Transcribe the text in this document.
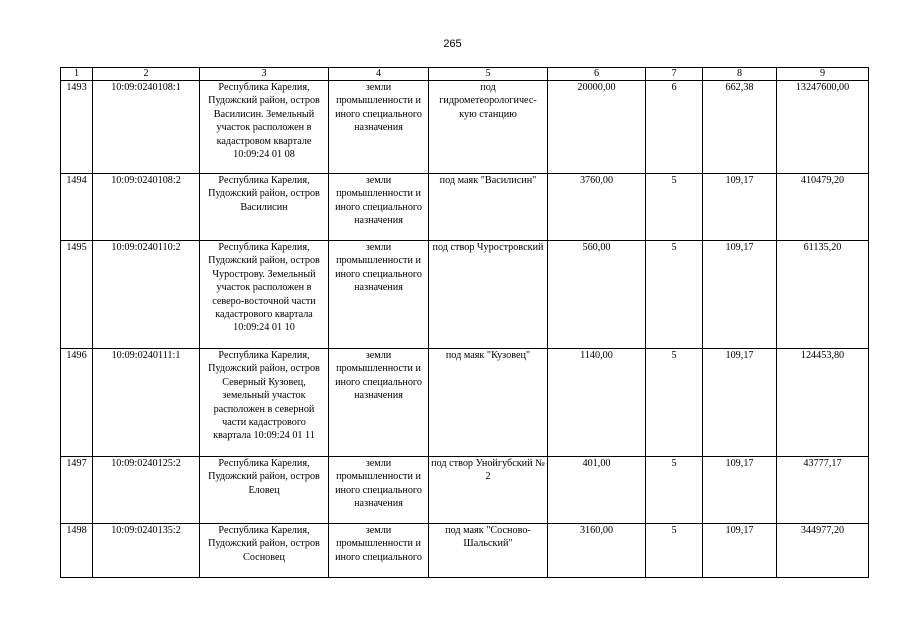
265
1	2	3	4	5	6	7	8	9
1493	10:09:0240108:1	Республика Карелия, Пудожский район, остров Василисин. Земельный участок расположен в кадастровом квартале 10:09:24 01 08	земли промышленности и иного специального назначения	под гидрометеорологичес-кую станцию	20000,00	6	662,38	13247600,00
1494	10:09:0240108:2	Республика Карелия, Пудожский район, остров Василисин	земли промышленности и иного специального назначения	под маяк "Василисин"	3760,00	5	109,17	410479,20
1495	10:09:0240110:2	Республика Карелия, Пудожский район, остров Чурострову. Земельный участок расположен в северо-восточной части кадастрового квартала 10:09:24 01 10	земли промышленности и иного специального назначения	под створ Чуростровский	560,00	5	109,17	61135,20
1496	10:09:0240111:1	Республика Карелия, Пудожский район, остров Северный Кузовец, земельный участок расположен в северной части кадастрового квартала 10:09:24 01 11	земли промышленности и иного специального назначения	под маяк "Кузовец"	1140,00	5	109,17	124453,80
1497	10:09:0240125:2	Республика Карелия, Пудожский район, остров Еловец	земли промышленности и иного специального назначения	под створ Унойгубский № 2	401,00	5	109,17	43777,17
1498	10:09:0240135:2	Республика Карелия, Пудожский район, остров Сосновец	земли промышленности и иного специального	под маяк "Сосново-Шальский"	3160,00	5	109,17	344977,20
